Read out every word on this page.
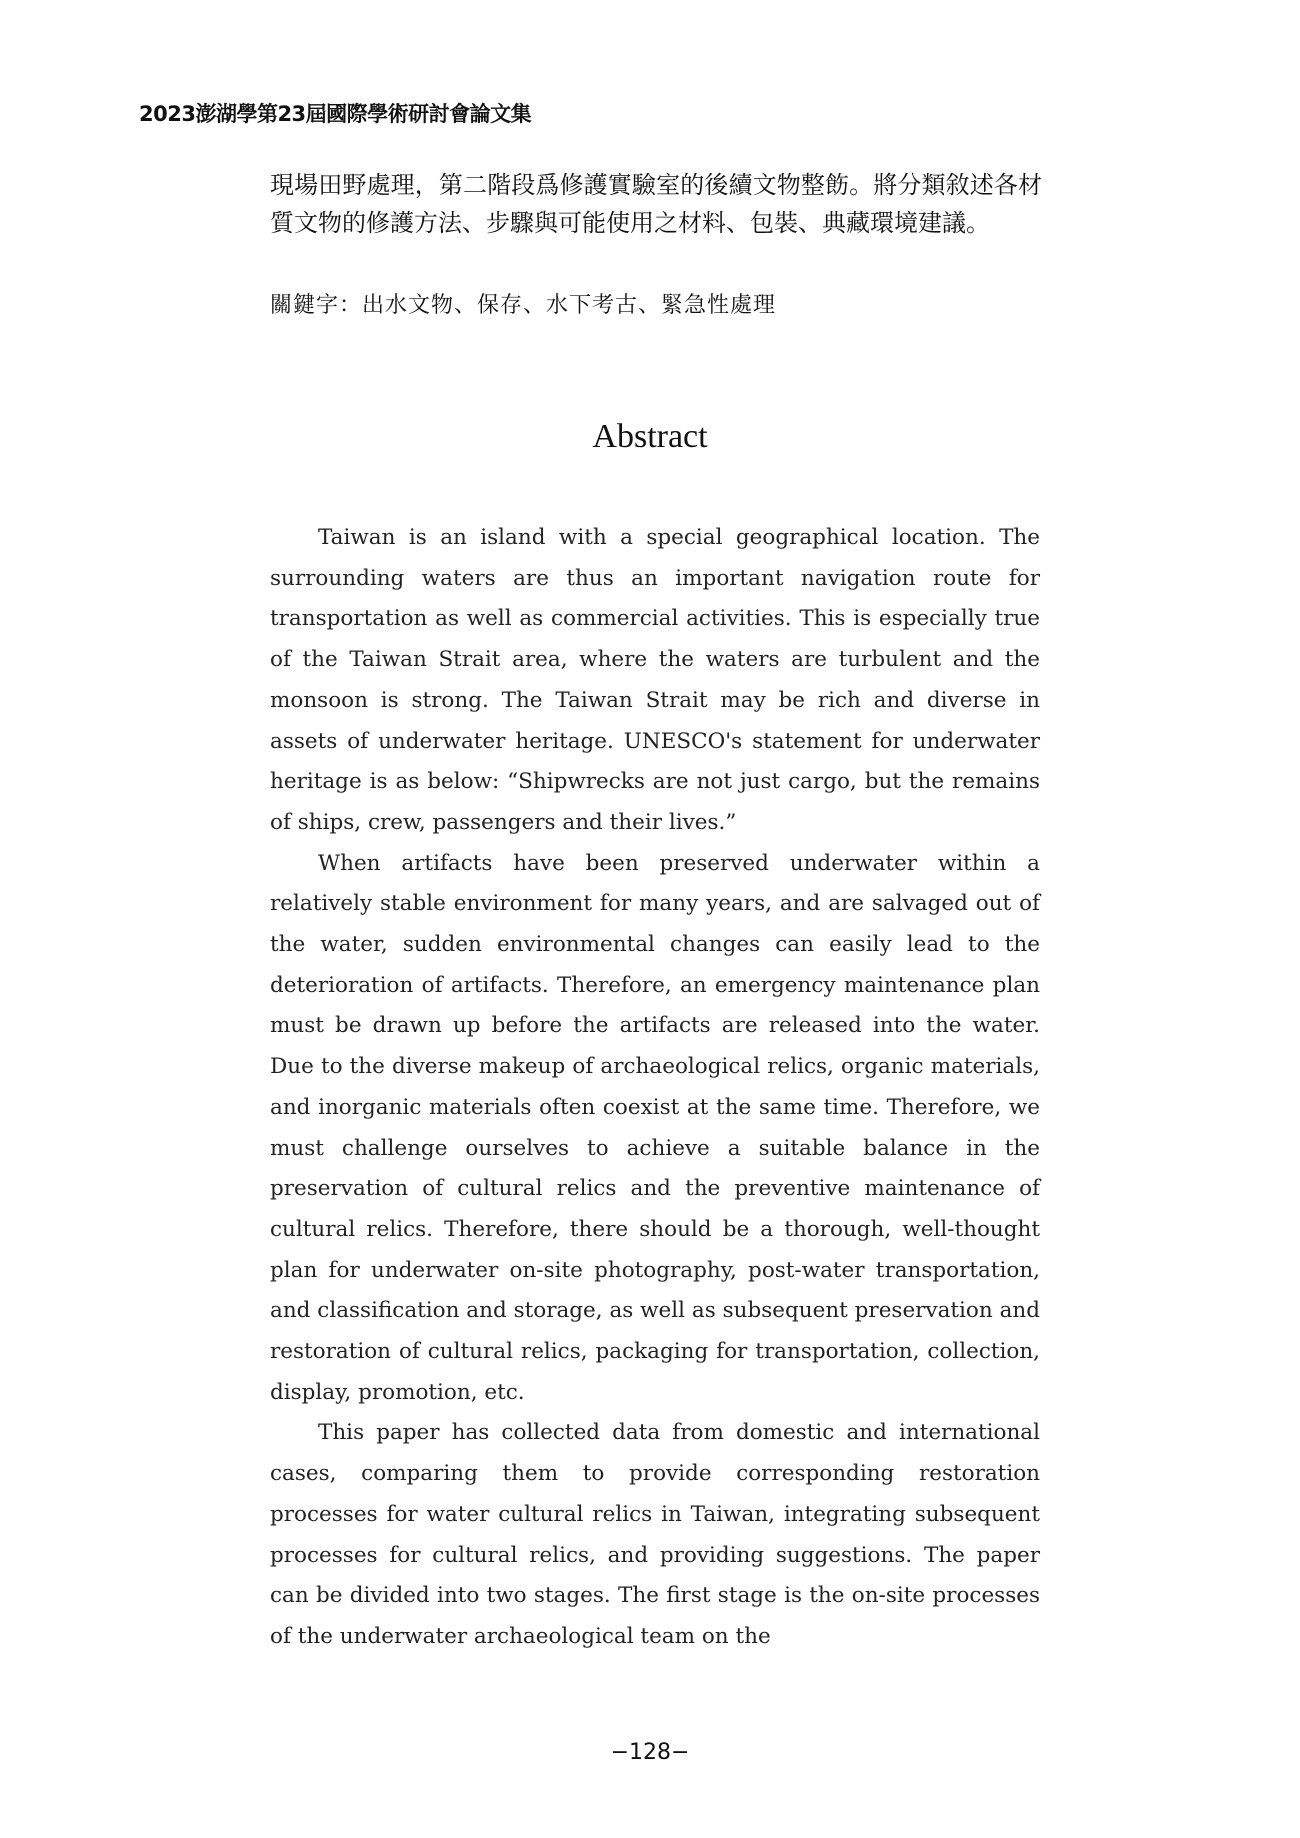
2023澎湖學第23屆國際學術研討會論文集
現場田野處理，第二階段爲修護實驗室的後續文物整飭。將分類敘述各材質文物的修護方法、步驟與可能使用之材料、包裝、典藏環境建議。
關鍵字：出水文物、保存、水下考古、緊急性處理
Abstract

Taiwan is an island with a special geographical location. The surrounding waters are thus an important navigation route for transportation as well as commercial activities. This is especially true of the Taiwan Strait area, where the waters are turbulent and the monsoon is strong. The Taiwan Strait may be rich and diverse in assets of underwater heritage. UNESCO's statement for underwater heritage is as below: “Shipwrecks are not just cargo, but the remains of ships, crew, passengers and their lives.”

When artifacts have been preserved underwater within a relatively stable environment for many years, and are salvaged out of the water, sudden environmental changes can easily lead to the deterioration of artifacts. Therefore, an emergency maintenance plan must be drawn up before the artifacts are released into the water. Due to the diverse makeup of archaeological relics, organic materials, and inorganic materials often coexist at the same time. Therefore, we must challenge ourselves to achieve a suitable balance in the preservation of cultural relics and the preventive maintenance of cultural relics. Therefore, there should be a thorough, well-thought plan for underwater on-site photography, post-water transportation, and classification and storage, as well as subsequent preservation and restoration of cultural relics, packaging for transportation, collection, display, promotion, etc.

This paper has collected data from domestic and international cases, comparing them to provide corresponding restoration processes for water cultural relics in Taiwan, integrating subsequent processes for cultural relics, and providing suggestions. The paper can be divided into two stages. The first stage is the on-site processes of the underwater archaeological team on the

−128−
